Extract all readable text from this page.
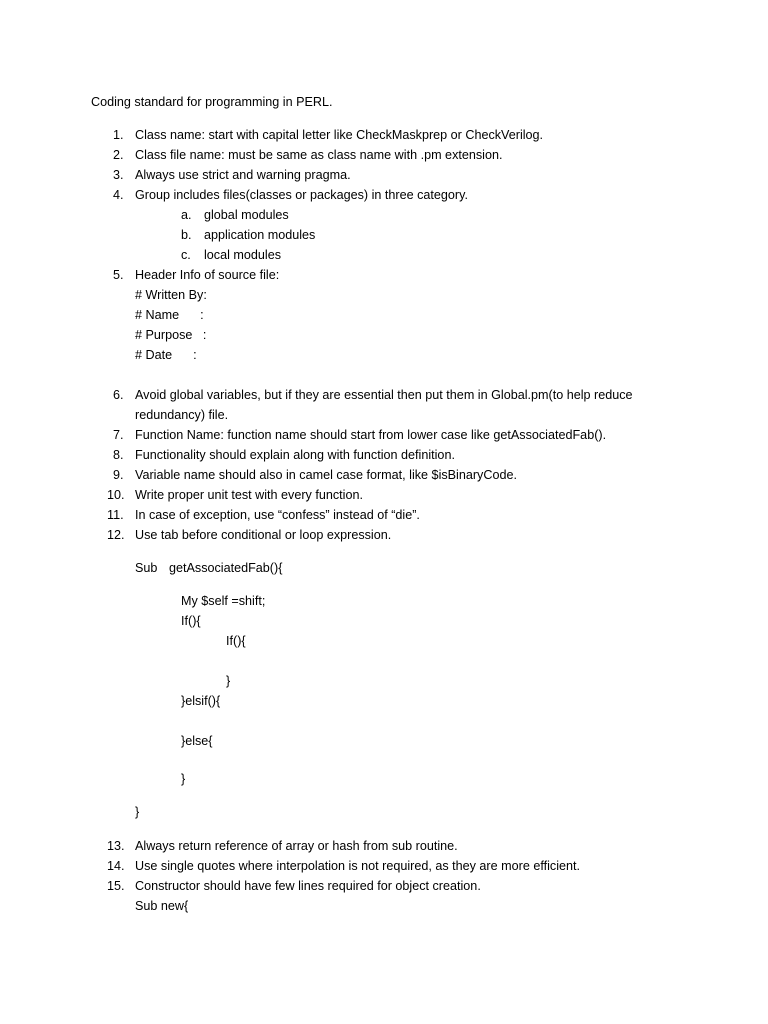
Coding standard for programming in PERL.
1. Class name: start with capital letter like CheckMaskprep or CheckVerilog.
2. Class file name: must be same as class name with .pm extension.
3. Always use strict and warning pragma.
4. Group includes files(classes or packages) in three category.
a. global modules
b. application modules
c. local modules
5. Header Info of source file:
# Written By:
# Name      :
# Purpose   :
# Date      :
6. Avoid global variables, but if they are essential then put them in Global.pm(to help reduce
redundancy) file.
7. Function Name: function name should start from lower case like getAssociatedFab().
8. Functionality should explain along with function definition.
9. Variable name should also in camel case format, like $isBinaryCode.
10. Write proper unit test with every function.
11. In case of exception, use “confess” instead of “die”.
12. Use tab before conditional or loop expression.
Sub getAssociatedFab(){
My $self =shift;
If(){
If(){
}
}elsif(){
}else{
}
}
13. Always return reference of array or hash from sub routine.
14. Use single quotes where interpolation is not required, as they are more efficient.
15. Constructor should have few lines required for object creation.
Sub new{
